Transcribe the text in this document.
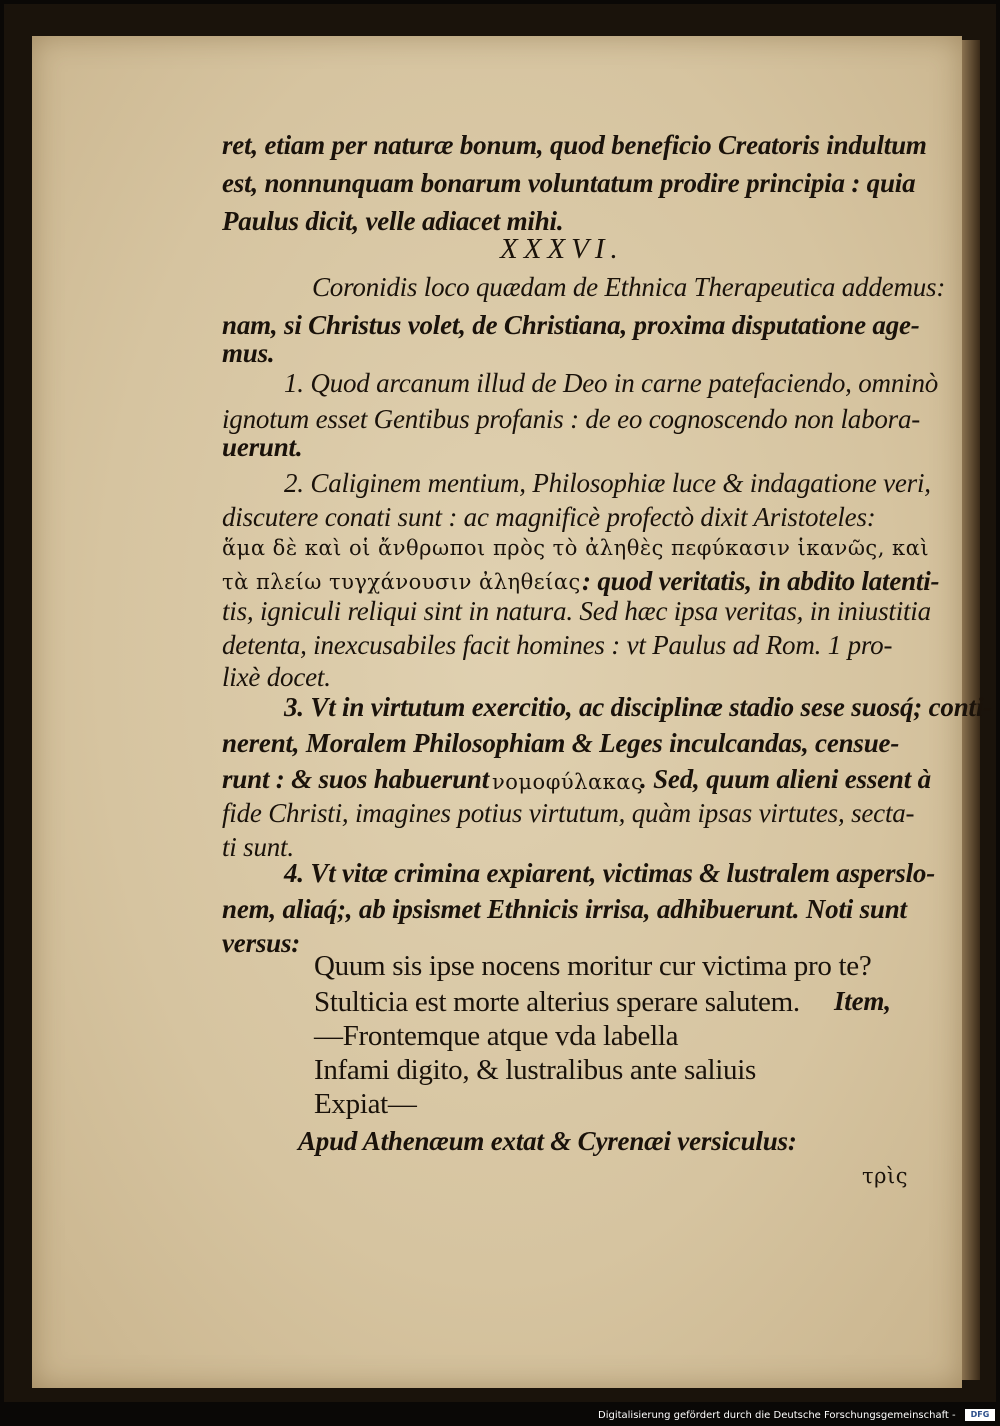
ret, etiam per naturæ bonum, quod beneficio Creatoris indultum
est, nonnunquam bonarum voluntatum prodire principia : quia
Paulus dicit, velle adiacet mihi.
XXXVI.
Coronidis loco quædam de Ethnica Therapeutica addemus:
nam, si Christus volet, de Christiana, proxima disputatione age-
mus.
1. Quod arcanum illud de Deo in carne patefaciendo, omninò
ignotum esset Gentibus profanis : de eo cognoscendo non labora-
uerunt.
2. Caliginem mentium, Philosophiæ luce & indagatione veri,
discutere conati sunt : ac magnificè profectò dixit Aristoteles:
ἅμα δὲ καὶ οἱ ἄνθρωποι πρὸς τὸ ἀληθὲς πεφύκασιν ἱκανῶς, καὶ
τὰ πλείω τυγχάνουσιν ἀληθείας : quod veritatis, in abdito latenti-
tis, igniculi reliqui sint in natura. Sed hæc ipsa veritas, in iniustitia
detenta, inexcusabiles facit homines : vt Paulus ad Rom. 1 pro-
lixè docet.
3. Vt in virtutum exercitio, ac disciplinæ stadio sese suosq́; conti-
nerent, Moralem Philosophiam & Leges inculcandas, censue-
runt : & suos habuerunt νομοφύλακας
. Sed, quum alieni essent à
fide Christi, imagines potius virtutum, quàm ipsas virtutes, secta-
ti sunt.
4. Vt vitæ crimina expiarent, victimas & lustralem asperslo-
nem, aliaq́;, ab ipsismet Ethnicis irrisa, adhibuerunt. Noti sunt
versus:
Quum sis ipse nocens moritur cur victima pro te?
Stulticia est morte alterius sperare salutem. Item,
—Frontemque atque vda labella
Infami digito, & lustralibus ante saliuis
Expiat—
Apud Athenæum extat & Cyrenæi versiculus:
τρὶς
Digitalisierung gefördert durch die Deutsche Forschungsgemeinschaft -	DFG
